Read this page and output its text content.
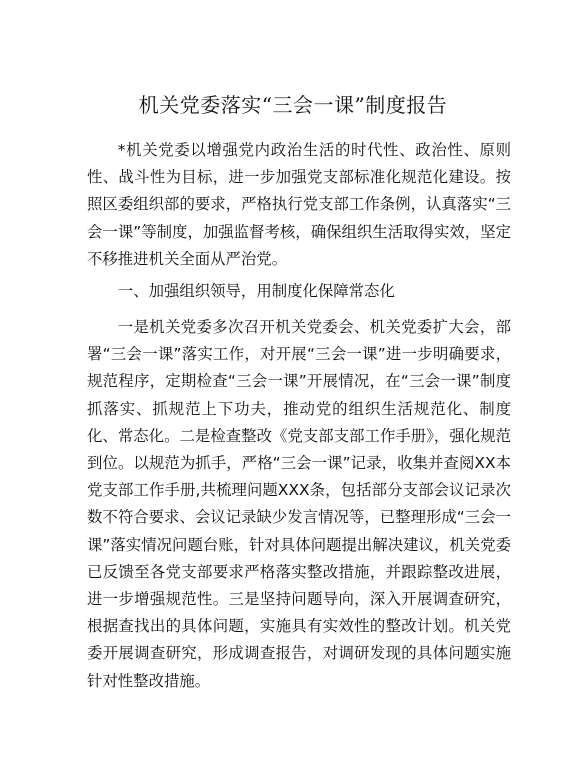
机关党委落实“三会一课”制度报告

*机关党委以增强党内政治生活的时代性、政治性、原则性、战斗性为目标，进一步加强党支部标准化规范化建设。按照区委组织部的要求，严格执行党支部工作条例，认真落实“三会一课”等制度，加强监督考核，确保组织生活取得实效，坚定不移推进机关全面从严治党。

一、加强组织领导，用制度化保障常态化

一是机关党委多次召开机关党委会、机关党委扩大会，部署“三会一课”落实工作，对开展“三会一课”进一步明确要求，规范程序，定期检查“三会一课”开展情况，在“三会一课”制度抓落实、抓规范上下功夫，推动党的组织生活规范化、制度化、常态化。二是检查整改《党支部支部工作手册》，强化规范到位。以规范为抓手，严格“三会一课”记录，收集并查阅XX本党支部工作手册,共梳理问题XXX条，包括部分支部会议记录次数不符合要求、会议记录缺少发言情况等，已整理形成“三会一课”落实情况问题台账，针对具体问题提出解决建议，机关党委已反馈至各党支部要求严格落实整改措施，并跟踪整改进展，进一步增强规范性。三是坚持问题导向，深入开展调查研究，根据查找出的具体问题，实施具有实效性的整改计划。机关党委开展调查研究，形成调查报告，对调研发现的具体问题实施针对性整改措施。
